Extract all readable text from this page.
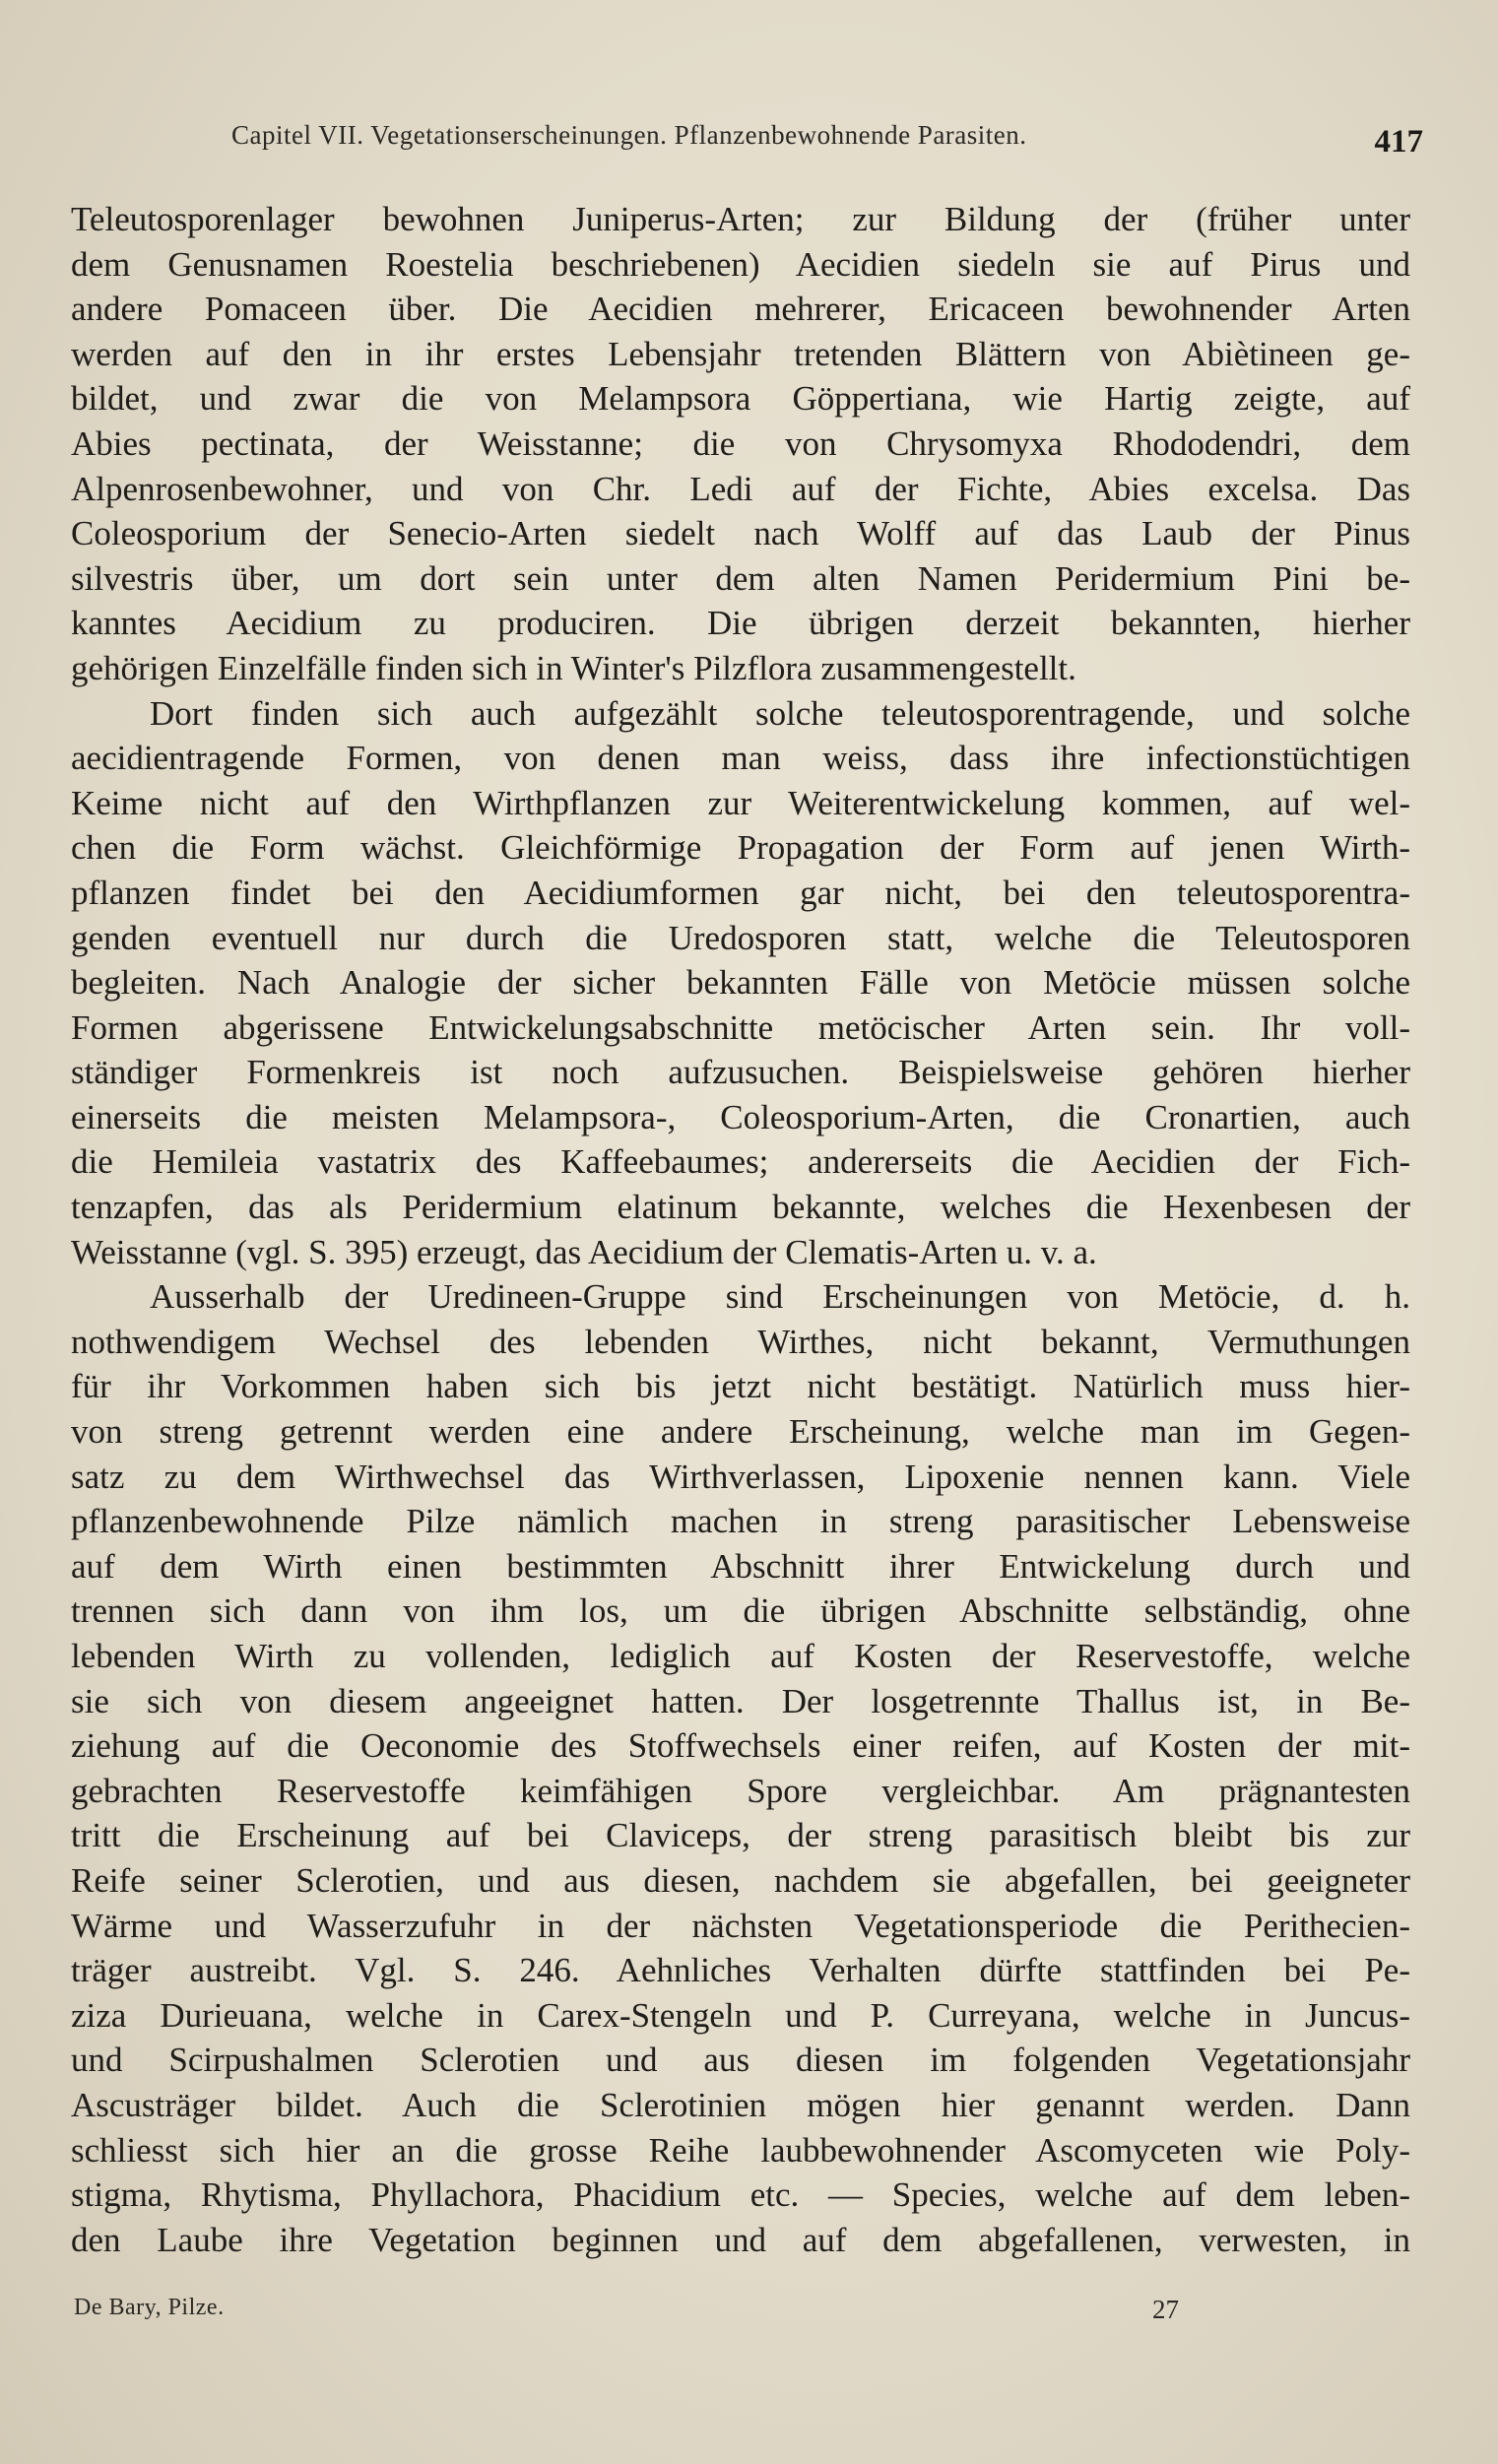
Capitel VII. Vegetationserscheinungen. Pflanzenbewohnende Parasiten.	417
Teleutosporenlager bewohnen Juniperus-Arten; zur Bildung der (früher unter
dem Genusnamen Roestelia beschriebenen) Aecidien siedeln sie auf Pirus und
andere Pomaceen über. Die Aecidien mehrerer, Ericaceen bewohnender Arten
werden auf den in ihr erstes Lebensjahr tretenden Blättern von Abiètineen ge-
bildet, und zwar die von Melampsora Göppertiana, wie Hartig zeigte, auf
Abies pectinata, der Weisstanne; die von Chrysomyxa Rhododendri, dem
Alpenrosenbewohner, und von Chr. Ledi auf der Fichte, Abies excelsa. Das
Coleosporium der Senecio-Arten siedelt nach Wolff auf das Laub der Pinus
silvestris über, um dort sein unter dem alten Namen Peridermium Pini be-
kanntes Aecidium zu produciren. Die übrigen derzeit bekannten, hierher
gehörigen Einzelfälle finden sich in Winter's Pilzflora zusammengestellt.
Dort finden sich auch aufgezählt solche teleutosporentragende, und solche
aecidientragende Formen, von denen man weiss, dass ihre infectionstüchtigen
Keime nicht auf den Wirthpflanzen zur Weiterentwickelung kommen, auf wel-
chen die Form wächst. Gleichförmige Propagation der Form auf jenen Wirth-
pflanzen findet bei den Aecidiumformen gar nicht, bei den teleutosporentra-
genden eventuell nur durch die Uredosporen statt, welche die Teleutosporen
begleiten. Nach Analogie der sicher bekannten Fälle von Metöcie müssen solche
Formen abgerissene Entwickelungsabschnitte metöcischer Arten sein. Ihr voll-
ständiger Formenkreis ist noch aufzusuchen. Beispielsweise gehören hierher
einerseits die meisten Melampsora-, Coleosporium-Arten, die Cronartien, auch
die Hemileia vastatrix des Kaffeebaumes; andererseits die Aecidien der Fich-
tenzapfen, das als Peridermium elatinum bekannte, welches die Hexenbesen der
Weisstanne (vgl. S. 395) erzeugt, das Aecidium der Clematis-Arten u. v. a.
Ausserhalb der Uredineen-Gruppe sind Erscheinungen von Metöcie, d. h.
nothwendigem Wechsel des lebenden Wirthes, nicht bekannt, Vermuthungen
für ihr Vorkommen haben sich bis jetzt nicht bestätigt. Natürlich muss hier-
von streng getrennt werden eine andere Erscheinung, welche man im Gegen-
satz zu dem Wirthwechsel das Wirthverlassen, Lipoxenie nennen kann. Viele
pflanzenbewohnende Pilze nämlich machen in streng parasitischer Lebensweise
auf dem Wirth einen bestimmten Abschnitt ihrer Entwickelung durch und
trennen sich dann von ihm los, um die übrigen Abschnitte selbständig, ohne
lebenden Wirth zu vollenden, lediglich auf Kosten der Reservestoffe, welche
sie sich von diesem angeeignet hatten. Der losgetrennte Thallus ist, in Be-
ziehung auf die Oeconomie des Stoffwechsels einer reifen, auf Kosten der mit-
gebrachten Reservestoffe keimfähigen Spore vergleichbar. Am prägnantesten
tritt die Erscheinung auf bei Claviceps, der streng parasitisch bleibt bis zur
Reife seiner Sclerotien, und aus diesen, nachdem sie abgefallen, bei geeigneter
Wärme und Wasserzufuhr in der nächsten Vegetationsperiode die Perithecien-
träger austreibt. Vgl. S. 246. Aehnliches Verhalten dürfte stattfinden bei Pe-
ziza Durieuana, welche in Carex-Stengeln und P. Curreyana, welche in Juncus-
und Scirpushalmen Sclerotien und aus diesen im folgenden Vegetationsjahr
Ascusträger bildet. Auch die Sclerotinien mögen hier genannt werden. Dann
schliesst sich hier an die grosse Reihe laubbewohnender Ascomyceten wie Poly-
stigma, Rhytisma, Phyllachora, Phacidium etc. — Species, welche auf dem leben-
den Laube ihre Vegetation beginnen und auf dem abgefallenen, verwesten, in
De Bary, Pilze.	27
